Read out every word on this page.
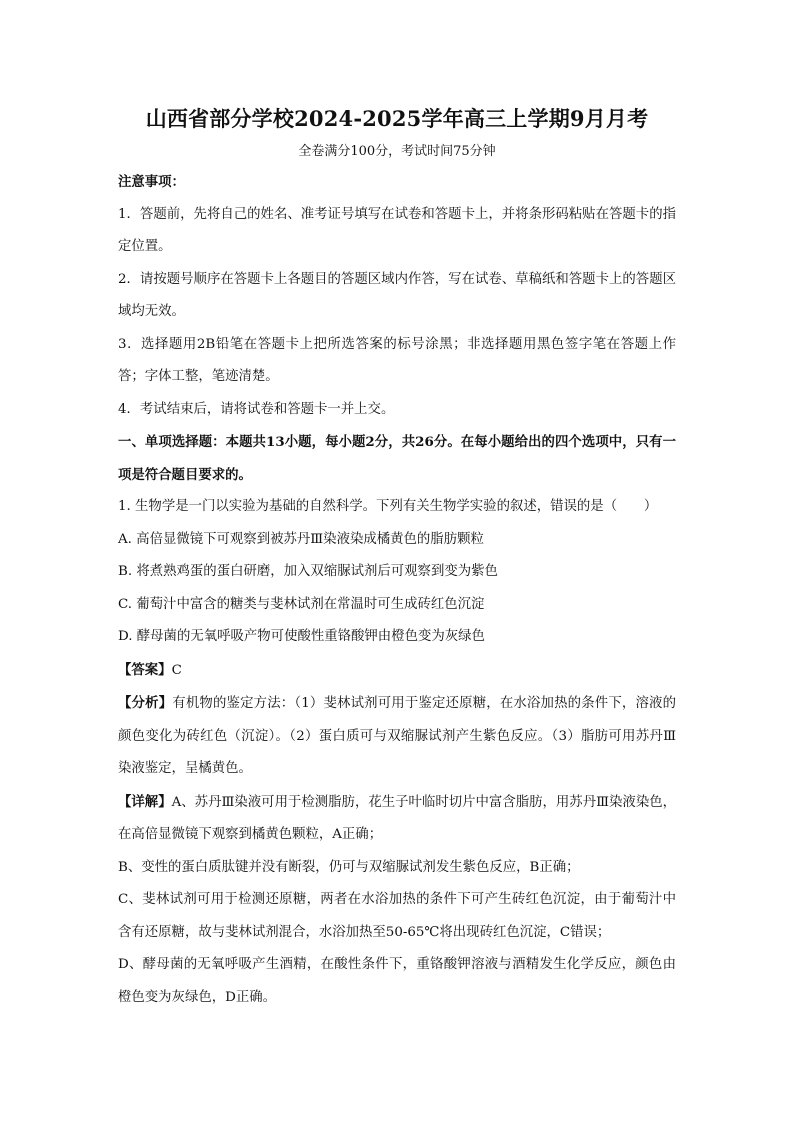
山西省部分学校2024-2025学年高三上学期9月月考

全卷满分100分，考试时间75分钟

注意事项：

1．答题前，先将自己的姓名、准考证号填写在试卷和答题卡上，并将条形码粘贴在答题卡的指定位置。

2．请按题号顺序在答题卡上各题目的答题区域内作答，写在试卷、草稿纸和答题卡上的答题区域均无效。

3．选择题用2B铅笔在答题卡上把所选答案的标号涂黑；非选择题用黑色签字笔在答题上作答；字体工整，笔迹清楚。

4．考试结束后，请将试卷和答题卡一并上交。

一、单项选择题：本题共13小题，每小题2分，共26分。在每小题给出的四个选项中，只有一项是符合题目要求的。

1. 生物学是一门以实验为基础的自然科学。下列有关生物学实验的叙述，错误的是（　　）

A. 高倍显微镜下可观察到被苏丹Ⅲ染液染成橘黄色的脂肪颗粒

B. 将煮熟鸡蛋的蛋白研磨，加入双缩脲试剂后可观察到变为紫色

C. 葡萄汁中富含的糖类与斐林试剂在常温时可生成砖红色沉淀

D. 酵母菌的无氧呼吸产物可使酸性重铬酸钾由橙色变为灰绿色

【答案】C

【分析】有机物的鉴定方法：（1）斐林试剂可用于鉴定还原糖，在水浴加热的条件下，溶液的颜色变化为砖红色（沉淀）。（2）蛋白质可与双缩脲试剂产生紫色反应。（3）脂肪可用苏丹Ⅲ染液鉴定，呈橘黄色。

【详解】A、苏丹Ⅲ染液可用于检测脂肪，花生子叶临时切片中富含脂肪，用苏丹Ⅲ染液染色，在高倍显微镜下观察到橘黄色颗粒，A正确；

B、变性的蛋白质肽键并没有断裂，仍可与双缩脲试剂发生紫色反应，B正确；

C、斐林试剂可用于检测还原糖，两者在水浴加热的条件下可产生砖红色沉淀，由于葡萄汁中含有还原糖，故与斐林试剂混合，水浴加热至50-65℃将出现砖红色沉淀，C错误；

D、酵母菌的无氧呼吸产生酒精，在酸性条件下，重铬酸钾溶液与酒精发生化学反应，颜色由橙色变为灰绿色，D正确。
